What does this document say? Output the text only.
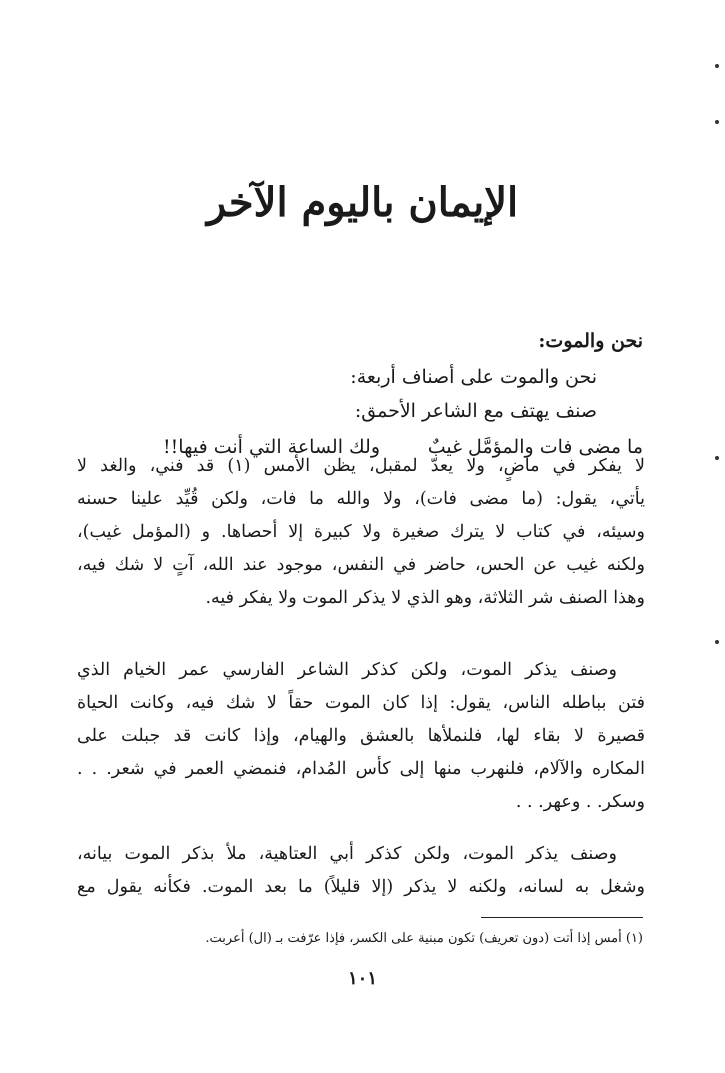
الإيمان باليوم الآخر
نحن والموت:
نحن والموت على أصناف أربعة:
صنف يهتف مع الشاعر الأحمق:
ما مضى فات والمؤمَّل غيبٌ
ولك الساعة التي أنت فيها!!
لا يفكر في ماضٍ، ولا يعدّ لمقبل، يظن الأمس (١) قد فني، والغد لا
يأتي، يقول: (ما مضى فات)، ولا والله ما فات، ولكن قُيِّد علينا حسنه
وسيئه، في كتاب لا يترك صغيرة ولا كبيرة إلا أحصاها. و (المؤمل غيب)،
ولكنه غيب عن الحس، حاضر في النفس، موجود عند الله، آتٍ لا شك فيه،
وهذا الصنف شر الثلاثة، وهو الذي لا يذكر الموت ولا يفكر فيه.
وصنف يذكر الموت، ولكن كذكر الشاعر الفارسي عمر الخيام الذي
فتن بباطله الناس، يقول: إذا كان الموت حقاً لا شك فيه، وكانت الحياة
قصيرة لا بقاء لها، فلنملأها بالعشق والهيام، وإذا كانت قد جبلت على
المكاره والآلام، فلنهرب منها إلى كأس المُدام، فنمضي العمر في شعر. . .
وسكر. . وعهر. . .
وصنف يذكر الموت، ولكن كذكر أبي العتاهية، ملأ بذكر الموت بيانه،
وشغل به لسانه، ولكنه لا يذكر (إلا قليلاً) ما بعد الموت. فكأنه يقول مع
(١) أمس إذا أتت (دون تعريف) تكون مبنية على الكسر، فإذا عرّفت بـ (ال) أعربت.
١٠١
